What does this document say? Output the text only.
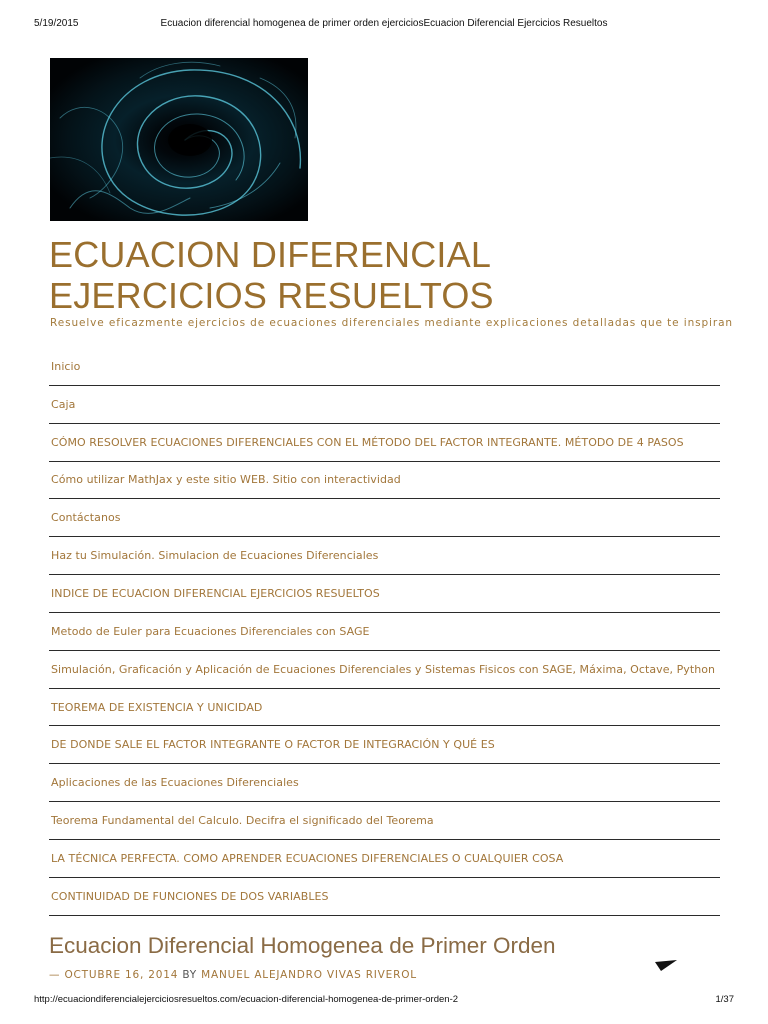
5/19/2015	Ecuacion diferencial homogenea de primer orden ejerciciosEcuacion Diferencial Ejercicios Resueltos
ECUACION DIFERENCIAL
EJERCICIOS RESUELTOS
Resuelve eficazmente ejercicios de ecuaciones diferenciales mediante explicaciones detalladas que te inspiran
Inicio
Caja
CÓMO RESOLVER ECUACIONES DIFERENCIALES CON EL MÉTODO DEL FACTOR INTEGRANTE. MÉTODO DE 4 PASOS
Cómo utilizar MathJax y este sitio WEB. Sitio con interactividad
Contáctanos
Haz tu Simulación. Simulacion de Ecuaciones Diferenciales
INDICE DE ECUACION DIFERENCIAL EJERCICIOS RESUELTOS
Metodo de Euler para Ecuaciones Diferenciales con SAGE
Simulación, Graficación y Aplicación de Ecuaciones Diferenciales y Sistemas Fisicos con SAGE, Máxima, Octave, Python
TEOREMA DE EXISTENCIA Y UNICIDAD
DE DONDE SALE EL FACTOR INTEGRANTE O FACTOR DE INTEGRACIÓN Y QUÉ ES
Aplicaciones de las Ecuaciones Diferenciales
Teorema Fundamental del Calculo. Decifra el significado del Teorema
LA TÉCNICA PERFECTA. COMO APRENDER ECUACIONES DIFERENCIALES O CUALQUIER COSA
CONTINUIDAD DE FUNCIONES DE DOS VARIABLES
Ecuacion Diferencial Homogenea de Primer Orden
— OCTUBRE 16, 2014 BY MANUEL ALEJANDRO VIVAS RIVEROL
http://ecuaciondiferencialejerciciosresueltos.com/ecuacion-diferencial-homogenea-de-primer-orden-2	1/37
